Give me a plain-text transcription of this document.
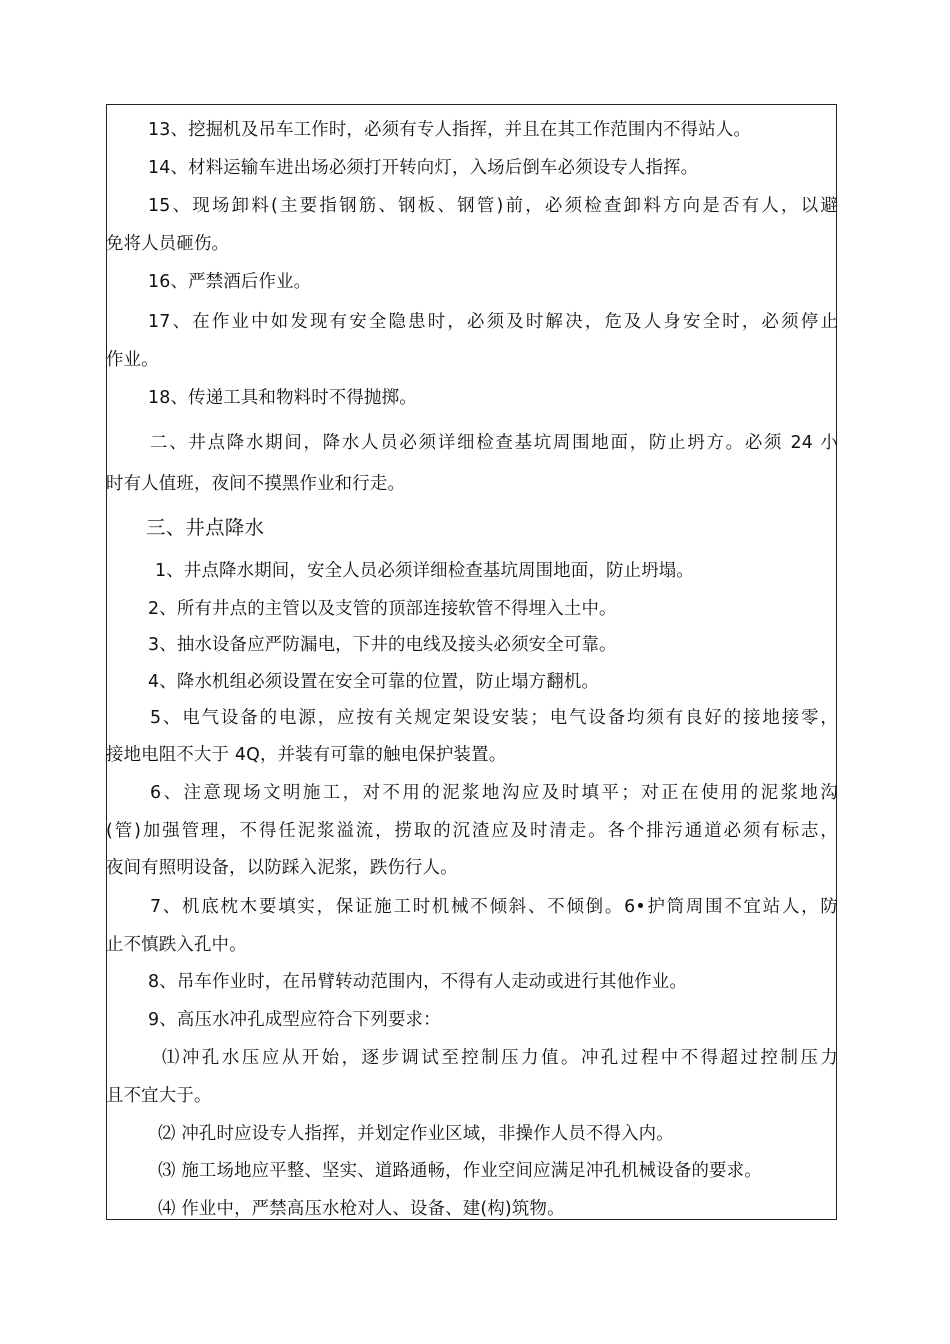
13、挖掘机及吊车工作时，必须有专人指挥，并且在其工作范围内不得站人。
14、材料运输车进出场必须打开转向灯，入场后倒车必须设专人指挥。
15、现场卸料(主要指钢筋、钢板、钢管)前，必须检查卸料方向是否有人，以避
免将人员砸伤。
16、严禁酒后作业。
17、在作业中如发现有安全隐患时，必须及时解决，危及人身安全时，必须停止
作业。
18、传递工具和物料时不得抛掷。
二、井点降水期间，降水人员必须详细检查基坑周围地面，防止坍方。必须 24 小
时有人值班，夜间不摸黑作业和行走。
三、井点降水
1、井点降水期间，安全人员必须详细检查基坑周围地面，防止坍塌。
2、所有井点的主管以及支管的顶部连接软管不得埋入土中。
3、抽水设备应严防漏电，下井的电线及接头必须安全可靠。
4、降水机组必须设置在安全可靠的位置，防止塌方翻机。
5、电气设备的电源，应按有关规定架设安装；电气设备均须有良好的接地接零，
接地电阻不大于 4Q，并装有可靠的触电保护装置。
6、注意现场文明施工，对不用的泥浆地沟应及时填平；对正在使用的泥浆地沟
(管)加强管理，不得任泥浆溢流，捞取的沉渣应及时清走。各个排污通道必须有标志，
夜间有照明设备，以防踩入泥浆，跌伤行人。
7、机底枕木要填实，保证施工时机械不倾斜、不倾倒。6•护筒周围不宜站人，防
止不慎跌入孔中。
8、吊车作业时，在吊臂转动范围内，不得有人走动或进行其他作业。
9、高压水冲孔成型应符合下列要求：
⑴冲孔水压应从开始，逐步调试至控制压力值。冲孔过程中不得超过控制压力
且不宜大于。
⑵ 冲孔时应设专人指挥，并划定作业区域，非操作人员不得入内。
⑶ 施工场地应平整、坚实、道路通畅，作业空间应满足冲孔机械设备的要求。
⑷ 作业中，严禁高压水枪对人、设备、建(构)筑物。
